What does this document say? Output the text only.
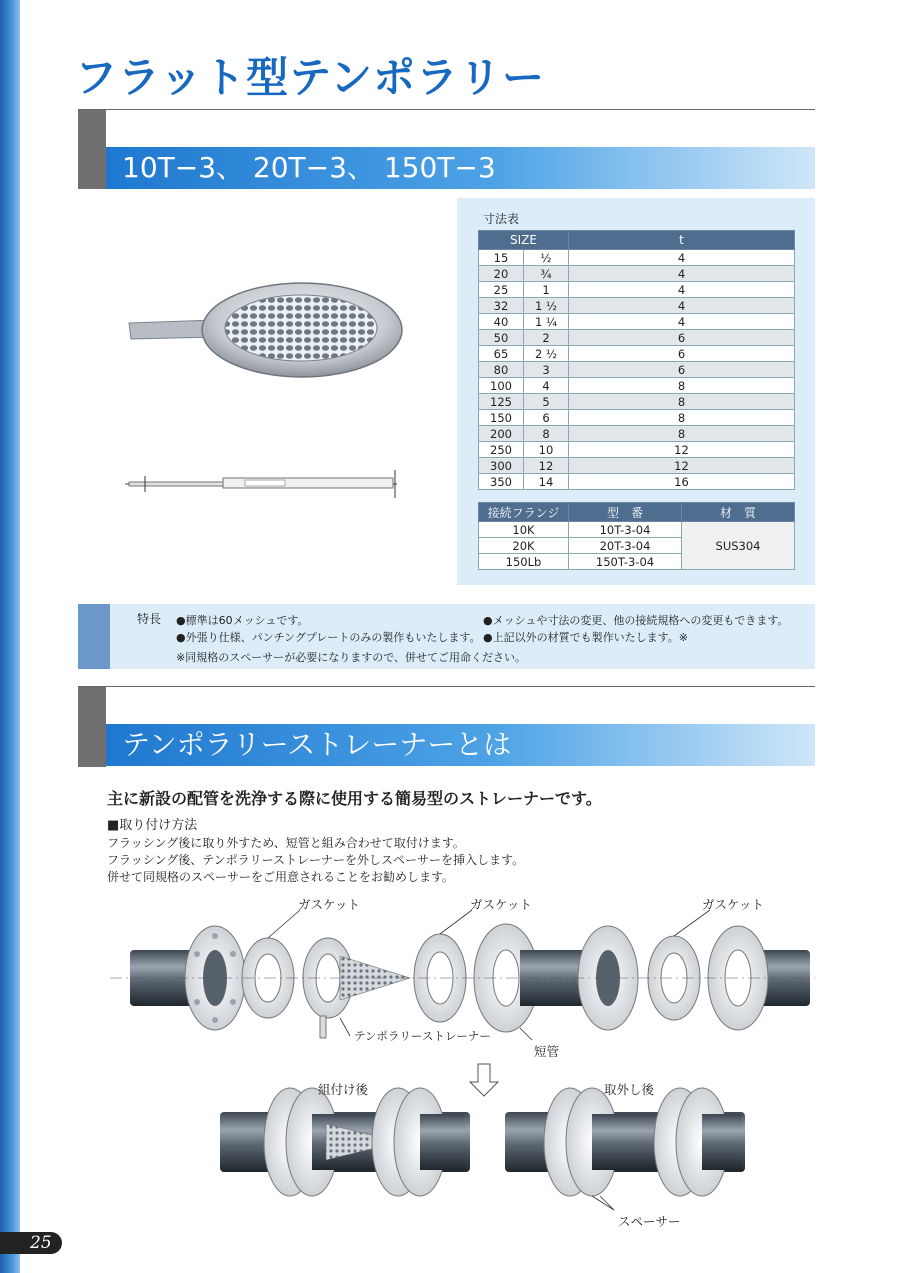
フラット型テンポラリー
10T−3、 20T−3、 150T−3
寸法表
SIZE		t
15	½	4
20	¾	4
25	1	4
32	1 ½	4
40	1 ¼	4
50	2	6
65	2 ½	6
80	3	6
100	4	8
125	5	8
150	6	8
200	8	8
250	10	12
300	12	12
350	14	16
接続フランジ	型　番	材　質
10K	10T-3-04	SUS304
20K	20T-3-04	
150Lb	150T-3-04	
特長 ●標準は60メッシュです。	●メッシュや寸法の変更、他の接続規格への変更もできます。
●外張り仕様、パンチングプレートのみの製作もいたします。 ●上記以外の材質でも製作いたします。※
※同規格のスペーサーが必要になりますので、併せてご用命ください。
テンポラリーストレーナーとは
主に新設の配管を洗浄する際に使用する簡易型のストレーナーです。
■取り付け方法
フラッシング後に取り外すため、短管と組み合わせて取付けます。
フラッシング後、テンポラリーストレーナーを外しスペーサーを挿入します。
併せて同規格のスペーサーをご用意されることをお勧めします。
ガスケット	ガスケット	ガスケット
テンポラリーストレーナー
短管
組付け後	取外し後
スペーサー
25
